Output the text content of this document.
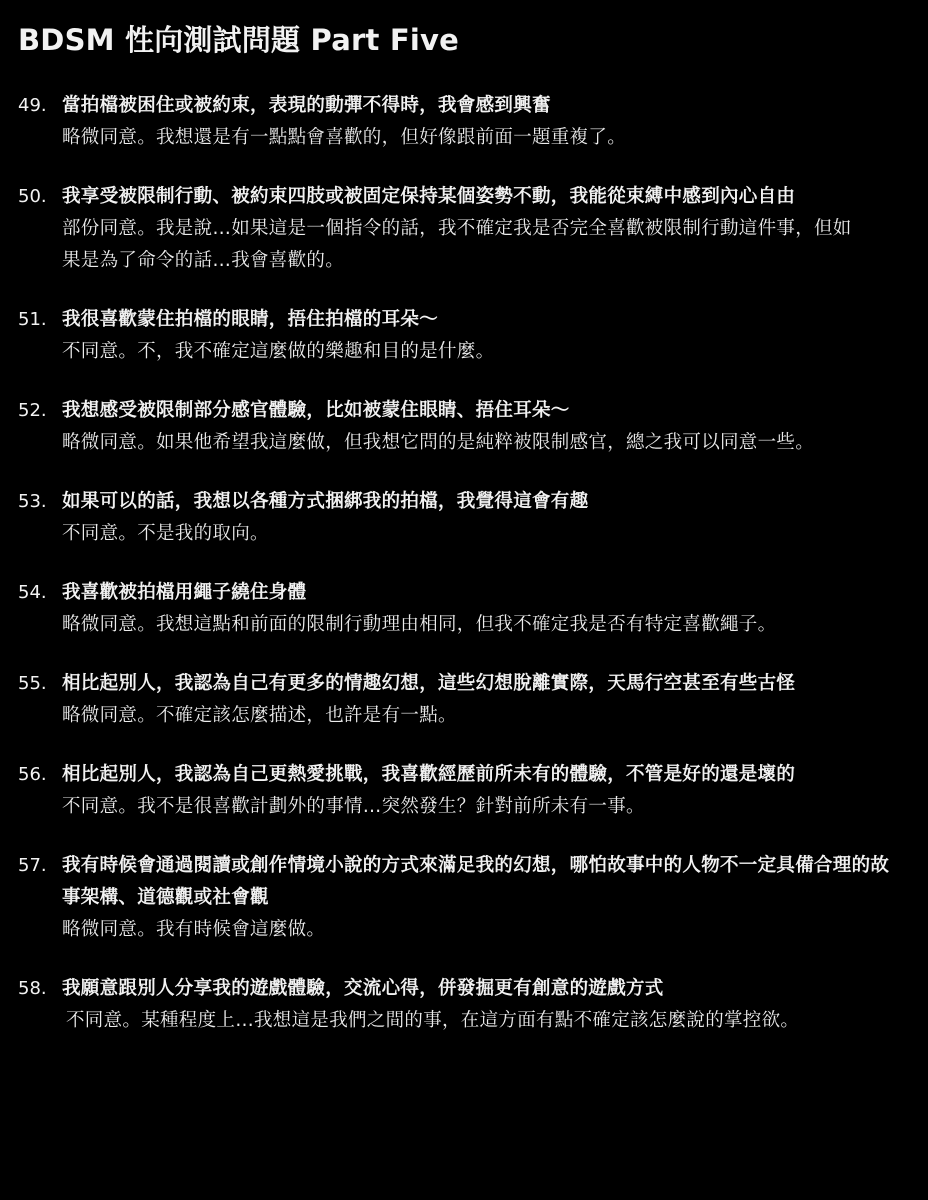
BDSM 性向測試問題 Part Five
49. 當拍檔被困住或被約束，表現的動彈不得時，我會感到興奮
略微同意。我想還是有一點點會喜歡的，但好像跟前面一題重複了。
50. 我享受被限制行動、被約束四肢或被固定保持某個姿勢不動，我能從束縛中感到內心自由
部份同意。我是說…如果這是一個指令的話，我不確定我是否完全喜歡被限制行動這件事，但如果是為了命令的話…我會喜歡的。
51. 我很喜歡蒙住拍檔的眼睛，捂住拍檔的耳朵～
不同意。不，我不確定這麼做的樂趣和目的是什麼。
52. 我想感受被限制部分感官體驗，比如被蒙住眼睛、捂住耳朵～
略微同意。如果他希望我這麼做，但我想它問的是純粹被限制感官，總之我可以同意一些。
53. 如果可以的話，我想以各種方式捆綁我的拍檔，我覺得這會有趣
不同意。不是我的取向。
54. 我喜歡被拍檔用繩子繞住身體
略微同意。我想這點和前面的限制行動理由相同，但我不確定我是否有特定喜歡繩子。
55. 相比起別人，我認為自己有更多的情趣幻想，這些幻想脫離實際，天馬行空甚至有些古怪
略微同意。不確定該怎麼描述，也許是有一點。
56. 相比起別人，我認為自己更熱愛挑戰，我喜歡經歷前所未有的體驗，不管是好的還是壞的
不同意。我不是很喜歡計劃外的事情…突然發生？針對前所未有一事。
57. 我有時候會通過閱讀或創作情境小說的方式來滿足我的幻想，哪怕故事中的人物不一定具備合理的故事架構、道德觀或社會觀
略微同意。我有時候會這麼做。
58. 我願意跟別人分享我的遊戲體驗，交流心得，併發掘更有創意的遊戲方式
不同意。某種程度上…我想這是我們之間的事，在這方面有點不確定該怎麼說的掌控欲。
